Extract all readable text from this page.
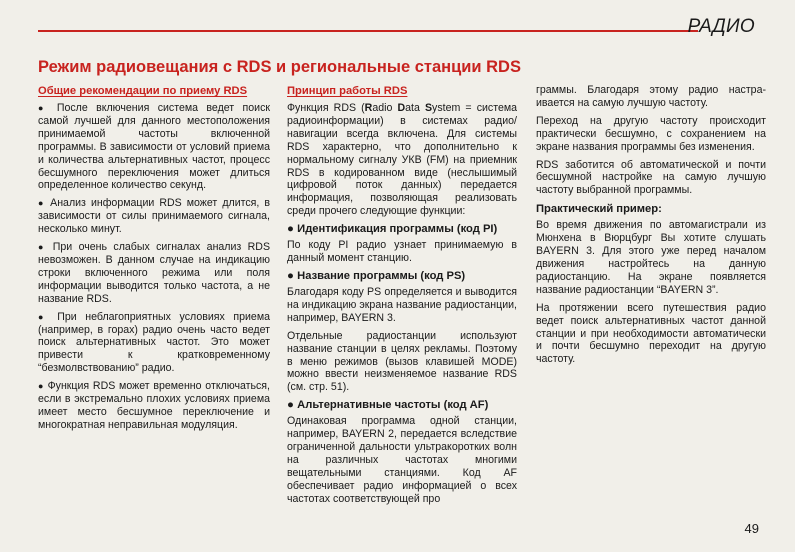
РАДИО
Режим радиовещания с RDS и региональные станции RDS
Общие рекомендации по приему RDS

● После включения система ведет поиск самой лучшей для данного местоположения принимаемой частоты включенной программы. В зависимости от условий приема и количества альтернативных частот, процесс бесшумного переключения может длиться определенное количество секунд.

● Анализ информации RDS может длится, в зависимости от силы принимаемого сигнала, несколько минут.

● При очень слабых сигналах анализ RDS невозможен. В данном случае на индикацию строки включенного режима или поля информации выводится только частота, а не название RDS.

● При неблагоприятных условиях приема (например, в горах) радио очень часто ведет поиск альтернативных частот. Это может привести к кратковременному “безмолвствованию” радио.

● Функция RDS может временно отключаться, если в экстремально плохих условиях приема имеет место бесшумное переключение и многократная неправильная модуляция.

Принцип работы RDS

Функция RDS (Radio Data System = система радиоинформации) в системах радио/навигации всегда включена. Для системы RDS характерно, что дополнительно к нормальному сигналу УКВ (FM) на приемник RDS в кодированном виде (неслышимый цифровой поток данных) передается информация, позволяющая реализовать среди прочего следующие функции:

● Идентификация программы (код PI)

По коду PI радио узнает принимаемую в данный момент станцию.

● Название программы (код PS)

Благодаря коду PS определяется и выводится на индикацию экрана название радиостанции, например, BAYERN 3.

Отдельные радиостанции используют название станции в целях рекламы. Поэтому в меню режимов (вызов клавишей MODE) можно ввести неизменяемое название RDS (см. стр. 51).

● Альтернативные частоты (код AF)

Одинаковая программа одной станции, например, BAYERN 2, передается вследствие ограниченной дальности ультракоротких волн на различных частотах многими вещательными станциями. Код AF обеспечивает радио информацией о всех частотах соответствующей про

граммы. Благодаря этому радио настраивается на самую лучшую частоту.

Переход на другую частоту происходит практически бесшумно, с сохранением на экране названия программы без изменения.

RDS заботится об автоматической и почти бесшумной настройке на самую лучшую частоту выбранной программы.

Практический пример:

Во время движения по автомагистрали из Мюнхена в Вюрцбург Вы хотите слушать BAYERN 3. Для этого уже перед началом движения настройтесь на данную радиостанцию. На экране появляется название радиостанции “BAYERN 3”.

На протяжении всего путешествия радио ведет поиск альтернативных частот данной станции и при необходимости автоматически и почти бесшумно переходит на другую частоту.

49
